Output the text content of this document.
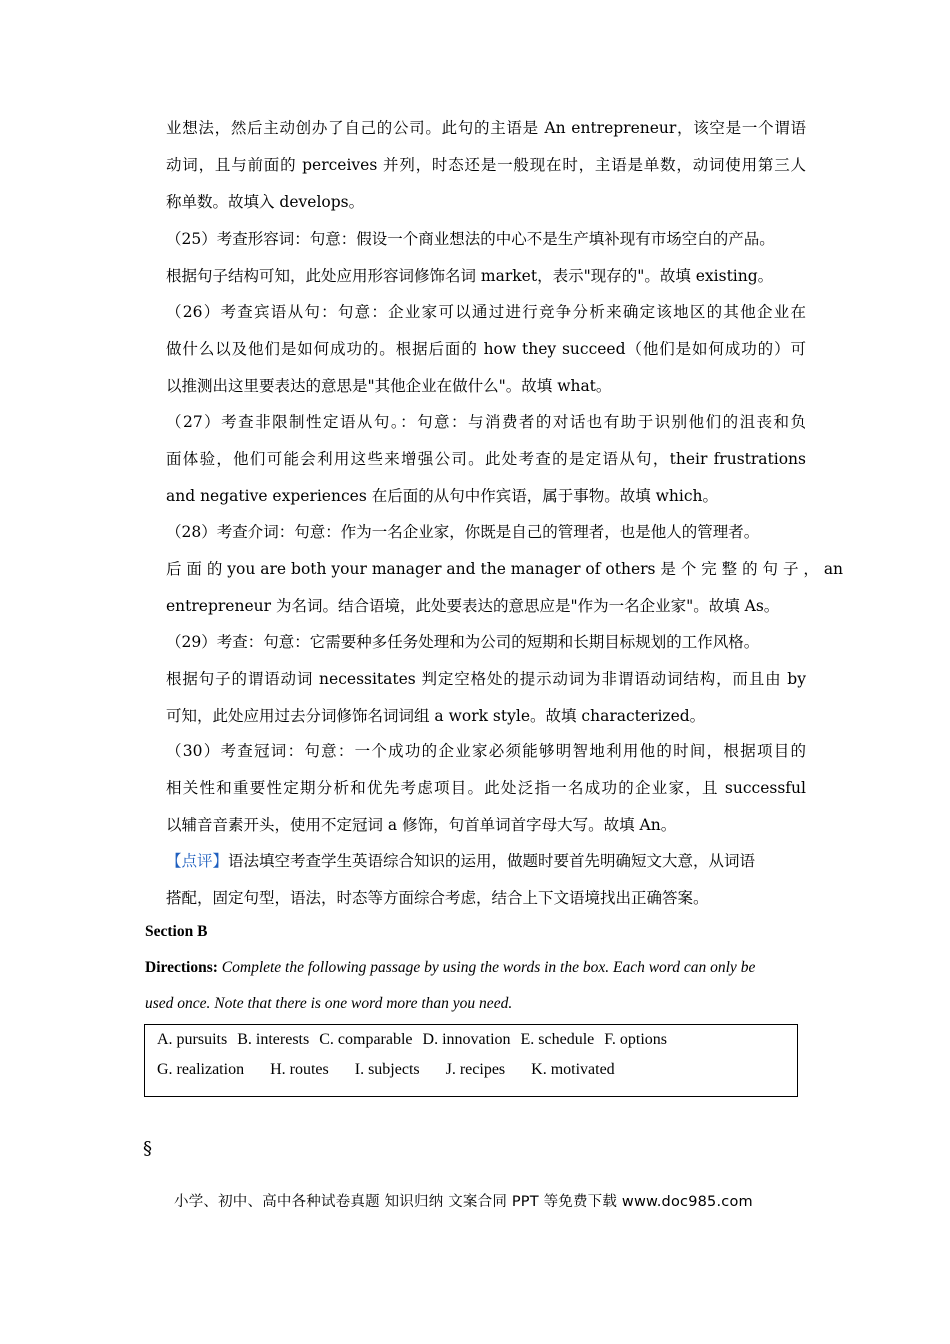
业想法，然后主动创办了自己的公司。此句的主语是 An entrepreneur，该空是一个谓语
动词，且与前面的 perceives 并列，时态还是一般现在时，主语是单数，动词使用第三人
称单数。故填入 develops。
（25）考查形容词：句意：假设一个商业想法的中心不是生产填补现有市场空白的产品。
根据句子结构可知，此处应用形容词修饰名词 market，表示"现存的"。故填 existing。
（26）考查宾语从句：句意：企业家可以通过进行竞争分析来确定该地区的其他企业在
做什么以及他们是如何成功的。根据后面的 how they succeed（他们是如何成功的）可
以推测出这里要表达的意思是"其他企业在做什么"。故填 what。
（27）考查非限制性定语从句。：句意：与消费者的对话也有助于识别他们的沮丧和负
面体验，他们可能会利用这些来增强公司。此处考查的是定语从句，their frustrations
and negative experiences 在后面的从句中作宾语，属于事物。故填 which。
（28）考查介词：句意：作为一名企业家，你既是自己的管理者，也是他人的管理者。
后 面 的 you are both your manager and the manager of others 是 个 完 整 的 句 子 ， an
entrepreneur 为名词。结合语境，此处要表达的意思应是"作为一名企业家"。故填 As。
（29）考查：句意：它需要种多任务处理和为公司的短期和长期目标规划的工作风格。
根据句子的谓语动词 necessitates 判定空格处的提示动词为非谓语动词结构，而且由 by
可知，此处应用过去分词修饰名词词组 a work style。故填 characterized。
（30）考查冠词：句意：一个成功的企业家必须能够明智地利用他的时间，根据项目的
相关性和重要性定期分析和优先考虑项目。此处泛指一名成功的企业家，且 successful
以辅音音素开头，使用不定冠词 a 修饰，句首单词首字母大写。故填 An。
【点评】语法填空考查学生英语综合知识的运用，做题时要首先明确短文大意，从词语
搭配，固定句型，语法，时态等方面综合考虑，结合上下文语境找出正确答案。
Section B
Directions: Complete the following passage by using the words in the box. Each word can only be
used once. Note that there is one word more than you need.
A. pursuits B. interests C. comparable D. innovation E. schedule F. options
G. realization H. routes I. subjects J. recipes K. motivated
§
小学、初中、高中各种试卷真题 知识归纳 文案合同 PPT 等免费下载 www.doc985.com
